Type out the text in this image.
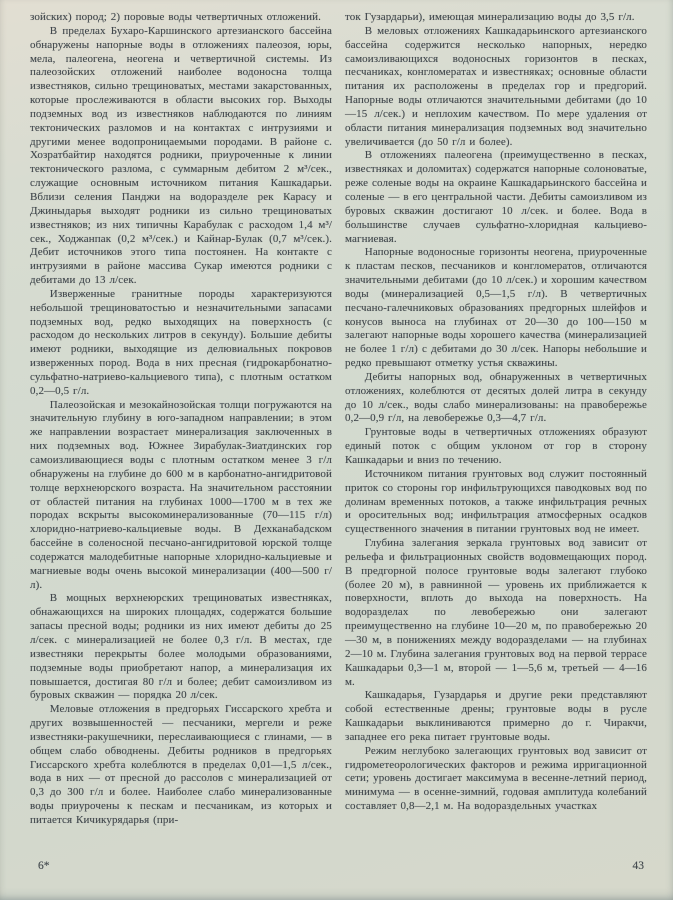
зойских) пород; 2) поровые воды четвертичных отложений.

В пределах Бухаро-Каршинского артезианского бассейна обнаружены напорные воды в отложениях палеозоя, юры, мела, палеогена, неогена и четвертичной системы. Из палеозойских отложений наиболее водоносна толща известняков, сильно трещиноватых, местами закарстованных, которые прослеживаются в области высоких гор. Выходы подземных вод из известняков наблюдаются по линиям тектонических разломов и на контактах с интрузиями и другими менее водопроницаемыми породами. В районе с. Хозратбайтир находятся родники, приуроченные к линии тектонического разлома, с суммарным дебитом 2 м³/сек., служащие основным источником питания Кашкадарьи. Вблизи селения Панджи на водоразделе рек Карасу и Джиныдарья выходят родники из сильно трещиноватых известняков; из них типичны Карабулак с расходом 1,4 м³/сек., Ходжанпак (0,2 м³/сек.) и Кайнар-Булак (0,7 м³/сек.). Дебит источников этого типа постоянен. На контакте с интрузиями в районе массива Сукар имеются родники с дебитами до 13 л/сек.

Изверженные гранитные породы характеризуются небольшой трещиноватостью и незначительными запасами подземных вод, редко выходящих на поверхность (с расходом до нескольких литров в секунду). Большие дебиты имеют родники, выходящие из делювиальных покровов изверженных пород. Вода в них пресная (гидрокарбонатно-сульфатно-натриево-кальциевого типа), с плотным остатком 0,2—0,5 г/л.

Палеозойская и мезокайнозойская толщи погружаются на значительную глубину в юго-западном направлении; в этом же направлении возрастает минерализация заключенных в них подземных вод. Южнее Зирабулак-Зиатдинских гор самоизливающиеся воды с плотным остатком менее 3 г/л обнаружены на глубине до 600 м в карбонатно-ангидритовой толще верхнеюрского возраста. На значительном расстоянии от областей питания на глубинах 1000—1700 м в тех же породах вскрыты высокоминерализованные (70—115 г/л) хлоридно-натриево-кальциевые воды. В Дехканабадском бассейне в соленосной песчано-ангидритовой юрской толще содержатся малодебитные напорные хлоридно-кальциевые и магниевые воды очень высокой минерализации (400—500 г/л).

В мощных верхнеюрских трещиноватых известняках, обнажающихся на широких площадях, содержатся большие запасы пресной воды; родники из них имеют дебиты до 25 л/сек. с минерализацией не более 0,3 г/л. В местах, где известняки перекрыты более молодыми образованиями, подземные воды приобретают напор, а минерализация их повышается, достигая 80 г/л и более; дебит самоизливом из буровых скважин — порядка 20 л/сек.

Меловые отложения в предгорьях Гиссарского хребта и других возвышенностей — песчаники, мергели и реже известняки-ракушечники, переслаивающиеся с глинами, — в общем слабо обводнены. Дебиты родников в предгорьях Гиссарского хребта колеблются в пределах 0,01—1,5 л/сек., вода в них — от пресной до рассолов с минерализацией от 0,3 до 300 г/л и более. Наиболее слабо минерализованные воды приурочены к пескам и песчаникам, из которых и питается Кичикурядарья (при-

ток Гузардарьи), имеющая минерализацию воды до 3,5 г/л.

В меловых отложениях Кашкадарьинского артезианского бассейна содержится несколько напорных, нередко самоизливающихся водоносных горизонтов в песках, песчаниках, конгломератах и известняках; основные области питания их расположены в пределах гор и предгорий. Напорные воды отличаются значительными дебитами (до 10—15 л/сек.) и неплохим качеством. По мере удаления от области питания минерализация подземных вод значительно увеличивается (до 50 г/л и более).

В отложениях палеогена (преимущественно в песках, известняках и доломитах) содержатся напорные солоноватые, реже соленые воды на окраине Кашкадарьинского бассейна и соленые — в его центральной части. Дебиты самоизливом из буровых скважин достигают 10 л/сек. и более. Вода в большинстве случаев сульфатно-хлоридная кальциево-магниевая.

Напорные водоносные горизонты неогена, приуроченные к пластам песков, песчаников и конгломератов, отличаются значительными дебитами (до 10 л/сек.) и хорошим качеством воды (минерализацией 0,5—1,5 г/л). В четвертичных песчано-галечниковых образованиях предгорных шлейфов и конусов выноса на глубинах от 20—30 до 100—150 м залегают напорные воды хорошего качества (минерализацией не более 1 г/л) с дебитами до 30 л/сек. Напоры небольшие и редко превышают отметку устья скважины.

Дебиты напорных вод, обнаруженных в четвертичных отложениях, колеблются от десятых долей литра в секунду до 10 л/сек., воды слабо минерализованы: на правобережье 0,2—0,9 г/л, на левобережье 0,3—4,7 г/л.

Грунтовые воды в четвертичных отложениях образуют единый поток с общим уклоном от гор в сторону Кашкадарьи и вниз по течению.

Источником питания грунтовых вод служит постоянный приток со стороны гор инфильтрующихся паводковых вод по долинам временных потоков, а также инфильтрация речных и оросительных вод; инфильтрация атмосферных осадков существенного значения в питании грунтовых вод не имеет.

Глубина залегания зеркала грунтовых вод зависит от рельефа и фильтрационных свойств водовмещающих пород. В предгорной полосе грунтовые воды залегают глубоко (более 20 м), в равнинной — уровень их приближается к поверхности, вплоть до выхода на поверхность. На водоразделах по левобережью они залегают преимущественно на глубине 10—20 м, по правобережью 20—30 м, в понижениях между водоразделами — на глубинах 2—10 м. Глубина залегания грунтовых вод на первой террасе Кашкадарьи 0,3—1 м, второй — 1—5,6 м, третьей — 4—16 м.

Кашкадарья, Гузардарья и другие реки представляют собой естественные дрены; грунтовые воды в русле Кашкадарьи выклиниваются примерно до г. Чиракчи, западнее его река питает грунтовые воды.

Режим неглубоко залегающих грунтовых вод зависит от гидрометеорологических факторов и режима ирригационной сети; уровень достигает максимума в весенне-летний период, минимума — в осенне-зимний, годовая амплитуда колебаний составляет 0,8—2,1 м. На водораздельных участках

6*	43
